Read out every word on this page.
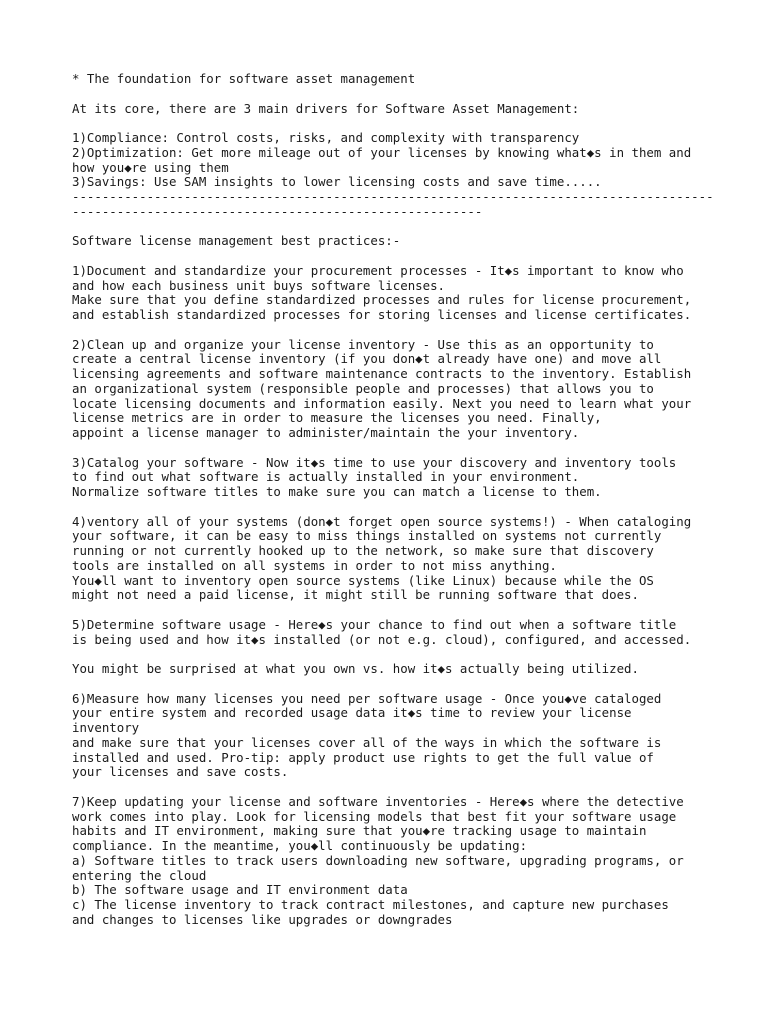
* The foundation for software asset management

At its core, there are 3 main drivers for Software Asset Management:

1)Compliance: Control costs, risks, and complexity with transparency
2)Optimization: Get more mileage out of your licenses by knowing what◆s in them and
how you◆re using them
3)Savings: Use SAM insights to lower licensing costs and save time.....
--------------------------------------------------------------------------------------
-------------------------------------------------------

Software license management best practices:-

1)Document and standardize your procurement processes - It◆s important to know who
and how each business unit buys software licenses.
Make sure that you define standardized processes and rules for license procurement,
and establish standardized processes for storing licenses and license certificates.

2)Clean up and organize your license inventory - Use this as an opportunity to
create a central license inventory (if you don◆t already have one) and move all
licensing agreements and software maintenance contracts to the inventory. Establish
an organizational system (responsible people and processes) that allows you to
locate licensing documents and information easily. Next you need to learn what your
license metrics are in order to measure the licenses you need. Finally,
appoint a license manager to administer/maintain the your inventory.

3)Catalog your software - Now it◆s time to use your discovery and inventory tools
to find out what software is actually installed in your environment.
Normalize software titles to make sure you can match a license to them.

4)ventory all of your systems (don◆t forget open source systems!) - When cataloging
your software, it can be easy to miss things installed on systems not currently
running or not currently hooked up to the network, so make sure that discovery
tools are installed on all systems in order to not miss anything.
You◆ll want to inventory open source systems (like Linux) because while the OS
might not need a paid license, it might still be running software that does.

5)Determine software usage - Here◆s your chance to find out when a software title
is being used and how it◆s installed (or not e.g. cloud), configured, and accessed.

You might be surprised at what you own vs. how it◆s actually being utilized.

6)Measure how many licenses you need per software usage - Once you◆ve cataloged
your entire system and recorded usage data it◆s time to review your license
inventory
and make sure that your licenses cover all of the ways in which the software is
installed and used. Pro-tip: apply product use rights to get the full value of
your licenses and save costs.

7)Keep updating your license and software inventories - Here◆s where the detective
work comes into play. Look for licensing models that best fit your software usage
habits and IT environment, making sure that you◆re tracking usage to maintain
compliance. In the meantime, you◆ll continuously be updating:
a) Software titles to track users downloading new software, upgrading programs, or
entering the cloud
b) The software usage and IT environment data
c) The license inventory to track contract milestones, and capture new purchases
and changes to licenses like upgrades or downgrades
